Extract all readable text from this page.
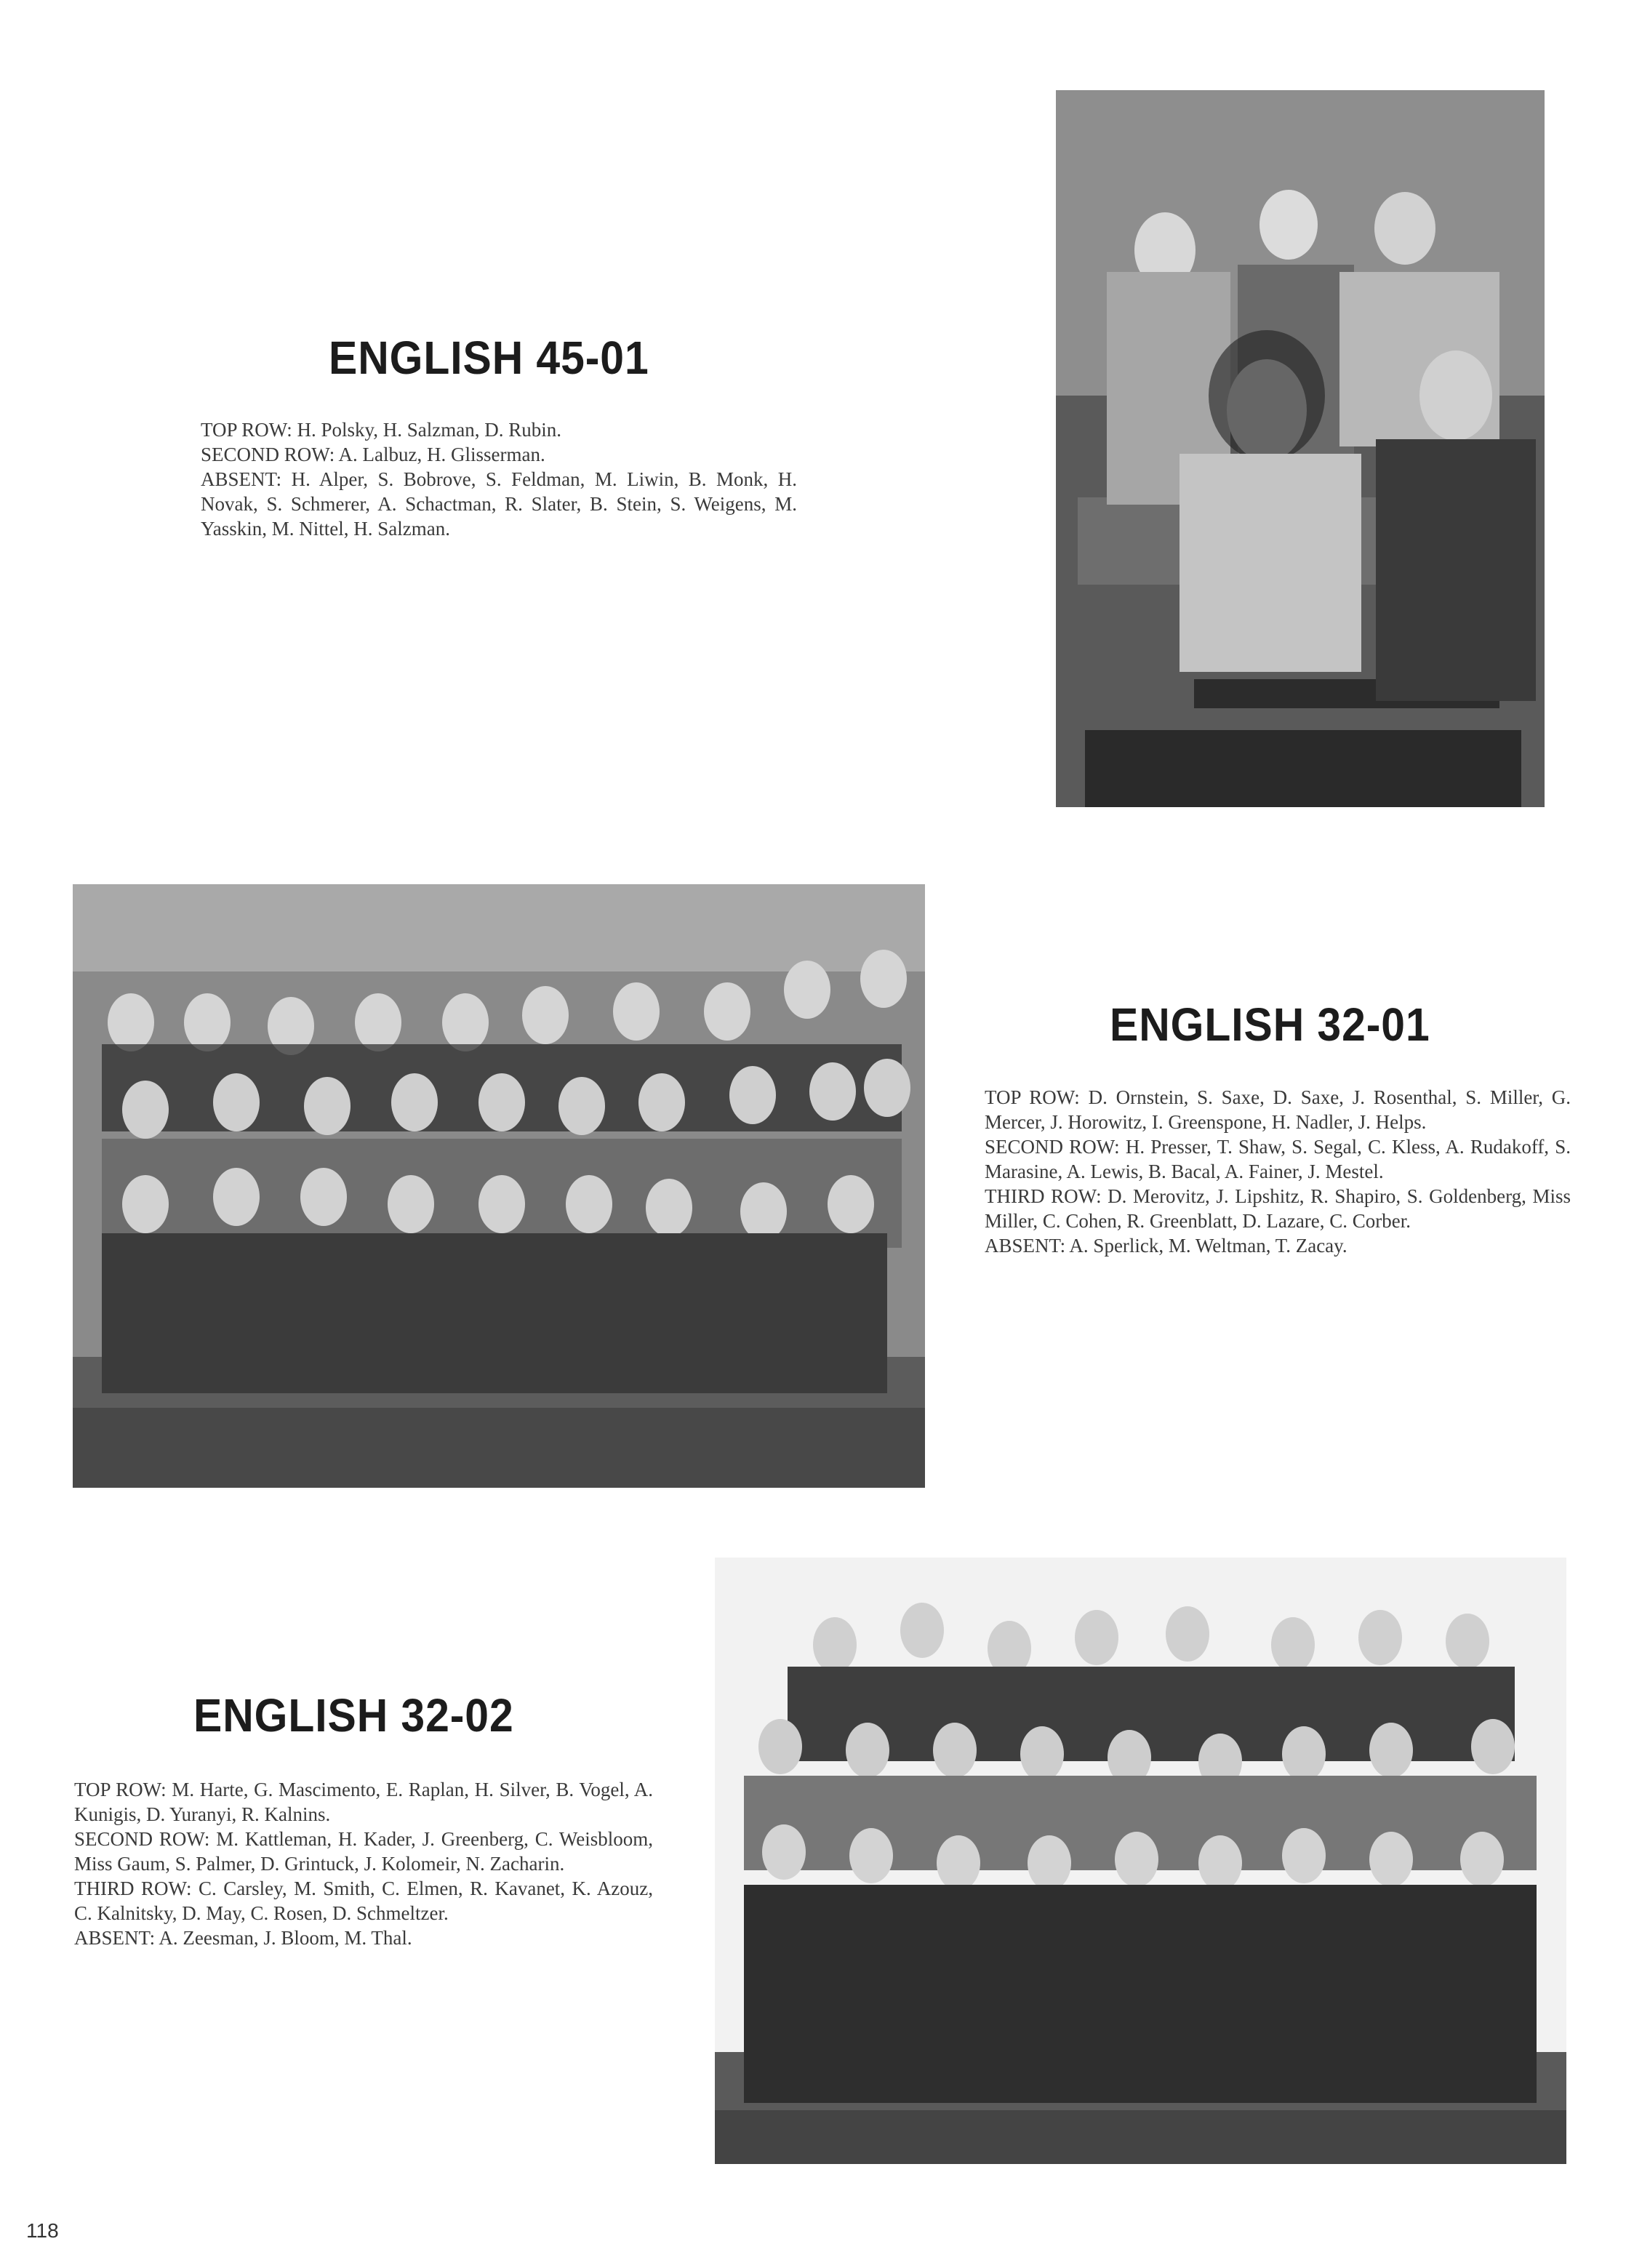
ENGLISH 45-01

TOP ROW: H. Polsky, H. Salzman, D. Rubin.

SECOND ROW: A. Lalbuz, H. Glisserman.

ABSENT: H. Alper, S. Bobrove, S. Feldman, M. Liwin, B. Monk, H. Novak, S. Schmerer, A. Schactman, R. Slater, B. Stein, S. Weigens, M. Yasskin, M. Nittel, H. Salzman.

ENGLISH 32-01

TOP ROW: D. Ornstein, S. Saxe, D. Saxe, J. Rosenthal, S. Miller, G. Mercer, J. Horowitz, I. Greenspone, H. Nadler, J. Helps.

SECOND ROW: H. Presser, T. Shaw, S. Segal, C. Kless, A. Rudakoff, S. Marasine, A. Lewis, B. Bacal, A. Fainer, J. Mestel.

THIRD ROW: D. Merovitz, J. Lipshitz, R. Shapiro, S. Goldenberg, Miss Miller, C. Cohen, R. Greenblatt, D. Lazare, C. Corber.

ABSENT: A. Sperlick, M. Weltman, T. Zacay.

ENGLISH 32-02

TOP ROW: M. Harte, G. Mascimento, E. Raplan, H. Silver, B. Vogel, A. Kunigis, D. Yuranyi, R. Kalnins.

SECOND ROW: M. Kattleman, H. Kader, J. Greenberg, C. Weisbloom, Miss Gaum, S. Palmer, D. Grintuck, J. Kolomeir, N. Zacharin.

THIRD ROW: C. Carsley, M. Smith, C. Elmen, R. Kavanet, K. Azouz, C. Kalnitsky, D. May, C. Rosen, D. Schmeltzer.

ABSENT: A. Zeesman, J. Bloom, M. Thal.

118
